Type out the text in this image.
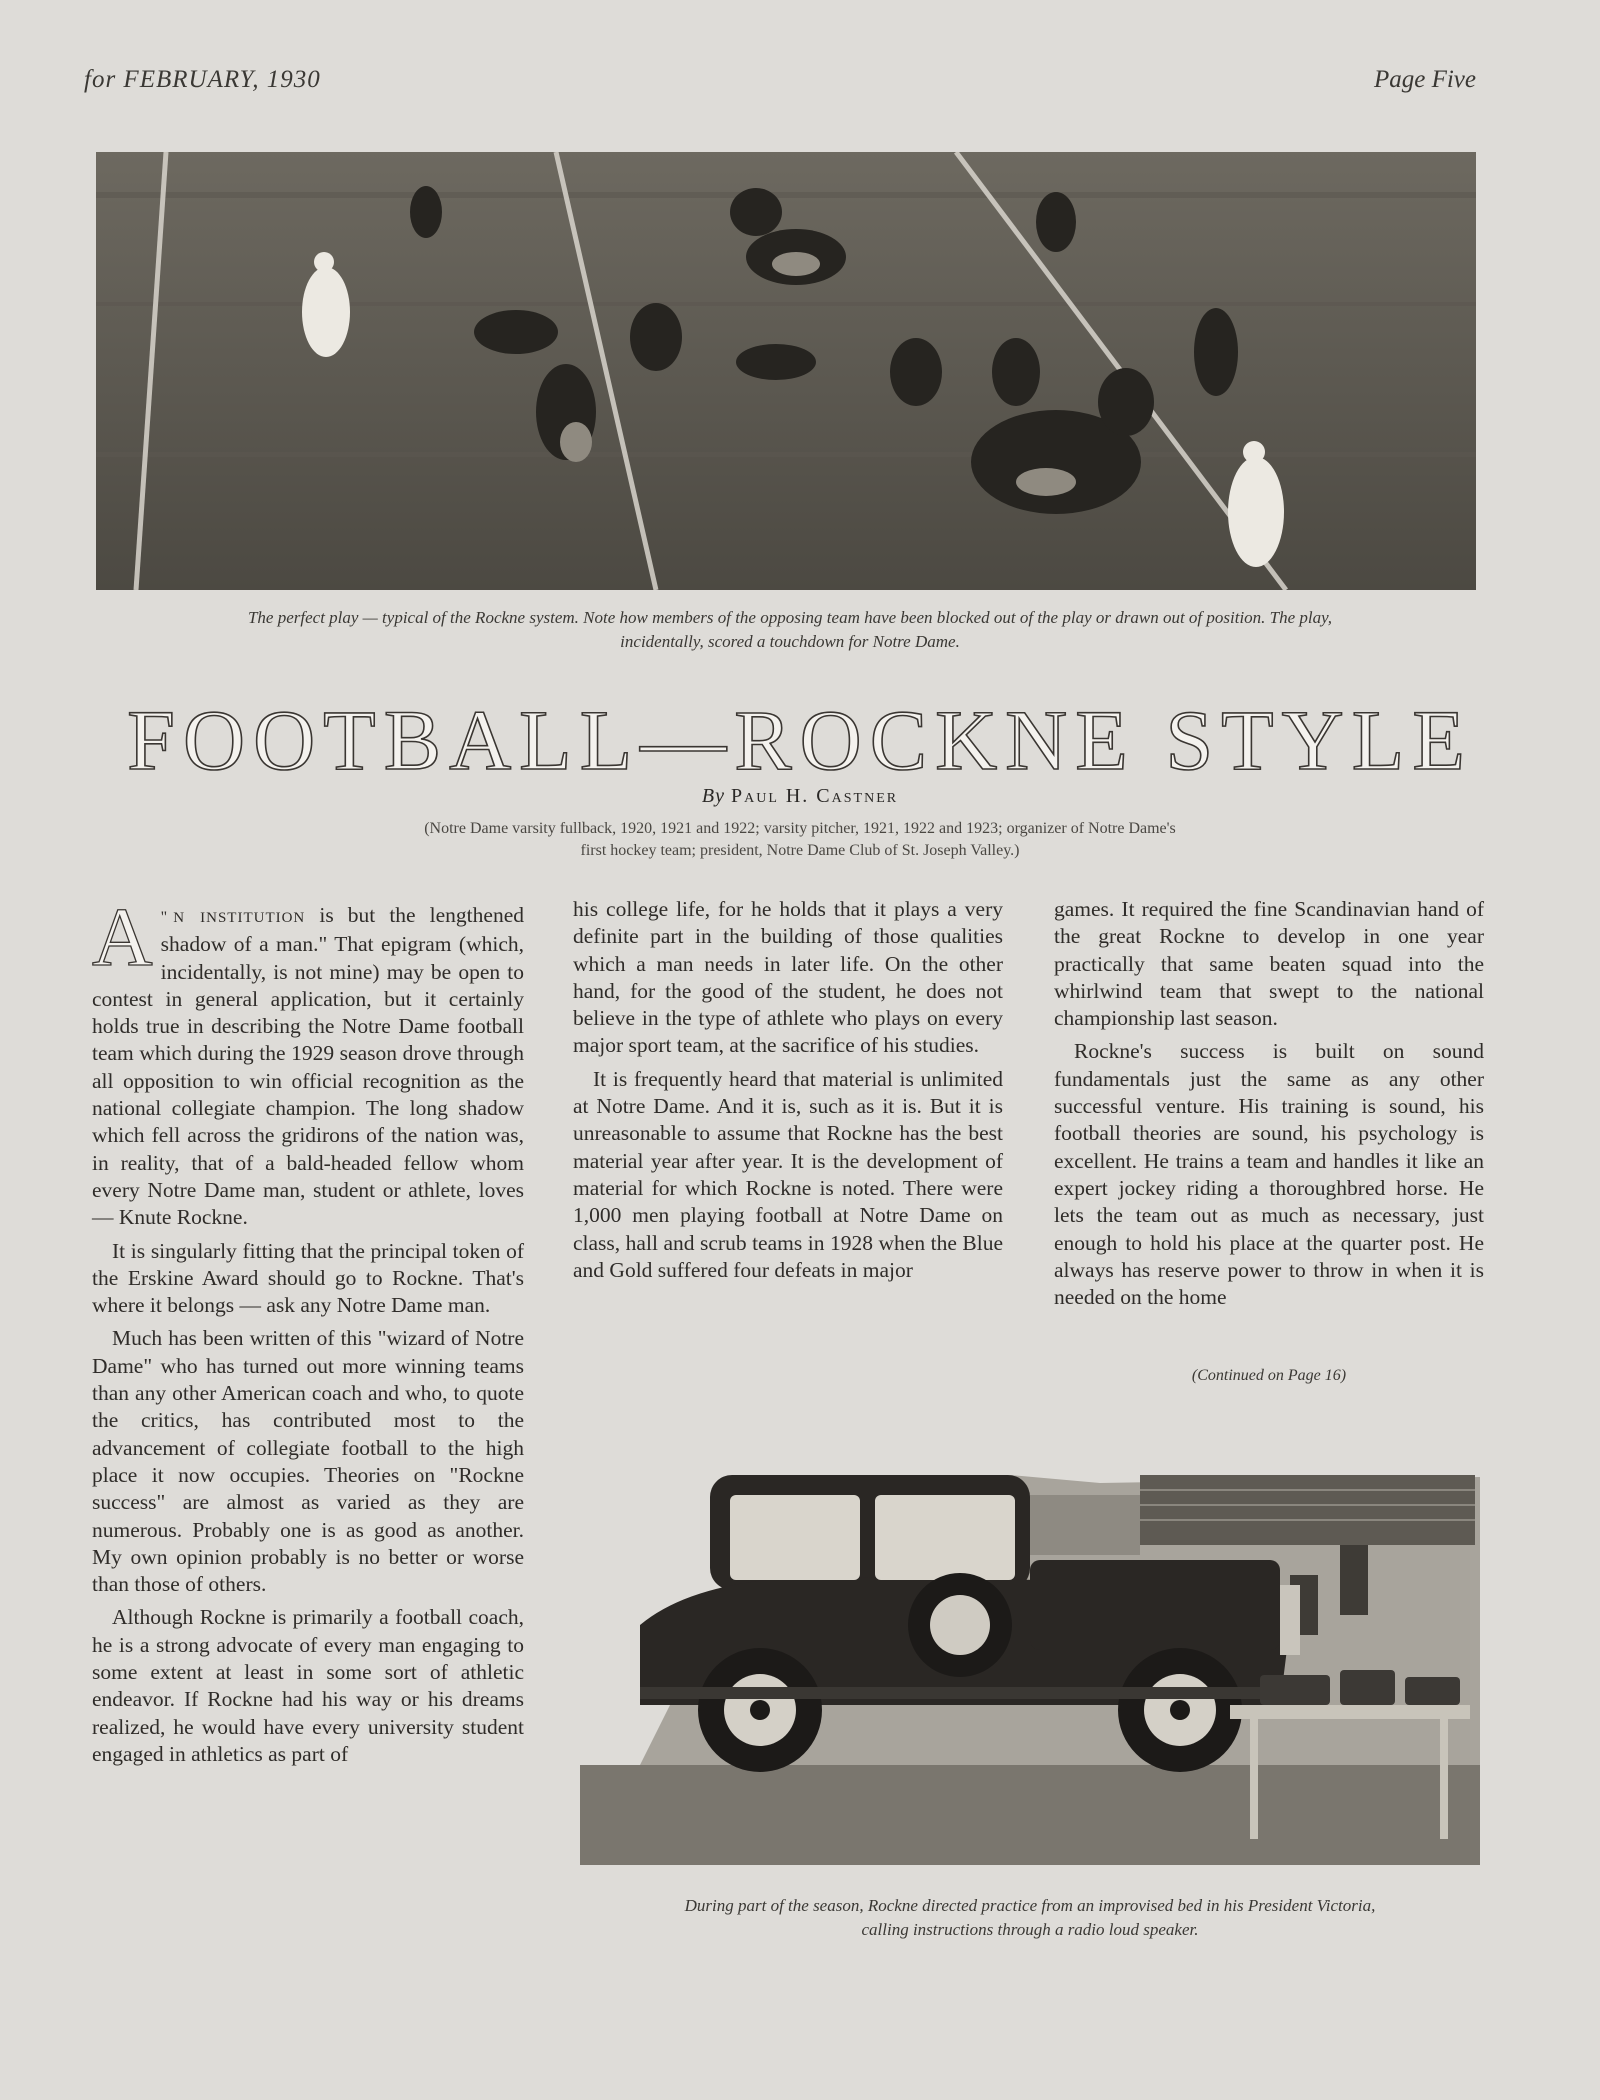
for FEBRUARY, 1930	Page Five
The perfect play — typical of the Rockne system. Note how members of the opposing team have been blocked out of the play or drawn out of position. The play,
incidentally, scored a touchdown for Notre Dame.
FOOTBALL—ROCKNE STYLE
By Paul H. Castner
(Notre Dame varsity fullback, 1920, 1921 and 1922; varsity pitcher, 1921, 1922 and 1923; organizer of Notre Dame's
first hockey team; president, Notre Dame Club of St. Joseph Valley.)

"
A n institution is but the lengthened shadow of a man." That epigram (which, incidentally, is not mine) may be open to contest in general application, but it certainly holds true in describing the Notre Dame football team which during the 1929 season drove through all opposition to win official recognition as the national collegiate champion. The long shadow which fell across the gridirons of the nation was, in reality, that of a bald-headed fellow whom every Notre Dame man, student or athlete, loves — Knute Rockne.

It is singularly fitting that the principal token of the Erskine Award should go to Rockne. That's where it belongs — ask any Notre Dame man.

Much has been written of this "wizard of Notre Dame" who has turned out more winning teams than any other American coach and who, to quote the critics, has contributed most to the advancement of collegiate football to the high place it now occupies. Theories on "Rockne success" are almost as varied as they are numerous. Probably one is as good as another. My own opinion probably is no better or worse than those of others.

Although Rockne is primarily a football coach, he is a strong advocate of every man engaging to some extent at least in some sort of athletic endeavor. If Rockne had his way or his dreams realized, he would have every university student engaged in athletics as part of

his college life, for he holds that it plays a very definite part in the building of those qualities which a man needs in later life. On the other hand, for the good of the student, he does not believe in the type of athlete who plays on every major sport team, at the sacrifice of his studies.

It is frequently heard that material is unlimited at Notre Dame. And it is, such as it is. But it is unreasonable to assume that Rockne has the best material year after year. It is the development of material for which Rockne is noted. There were 1,000 men playing football at Notre Dame on class, hall and scrub teams in 1928 when the Blue and Gold suffered four defeats in major

games. It required the fine Scandinavian hand of the great Rockne to develop in one year practically that same beaten squad into the whirlwind team that swept to the national championship last season.

Rockne's success is built on sound fundamentals just the same as any other successful venture. His training is sound, his football theories are sound, his psychology is excellent. He trains a team and handles it like an expert jockey riding a thoroughbred horse. He lets the team out as much as necessary, just enough to hold his place at the quarter post. He always has reserve power to throw in when it is needed on the home

(Continued on Page 16)
During part of the season, Rockne directed practice from an improvised bed in his President Victoria,
calling instructions through a radio loud speaker.
